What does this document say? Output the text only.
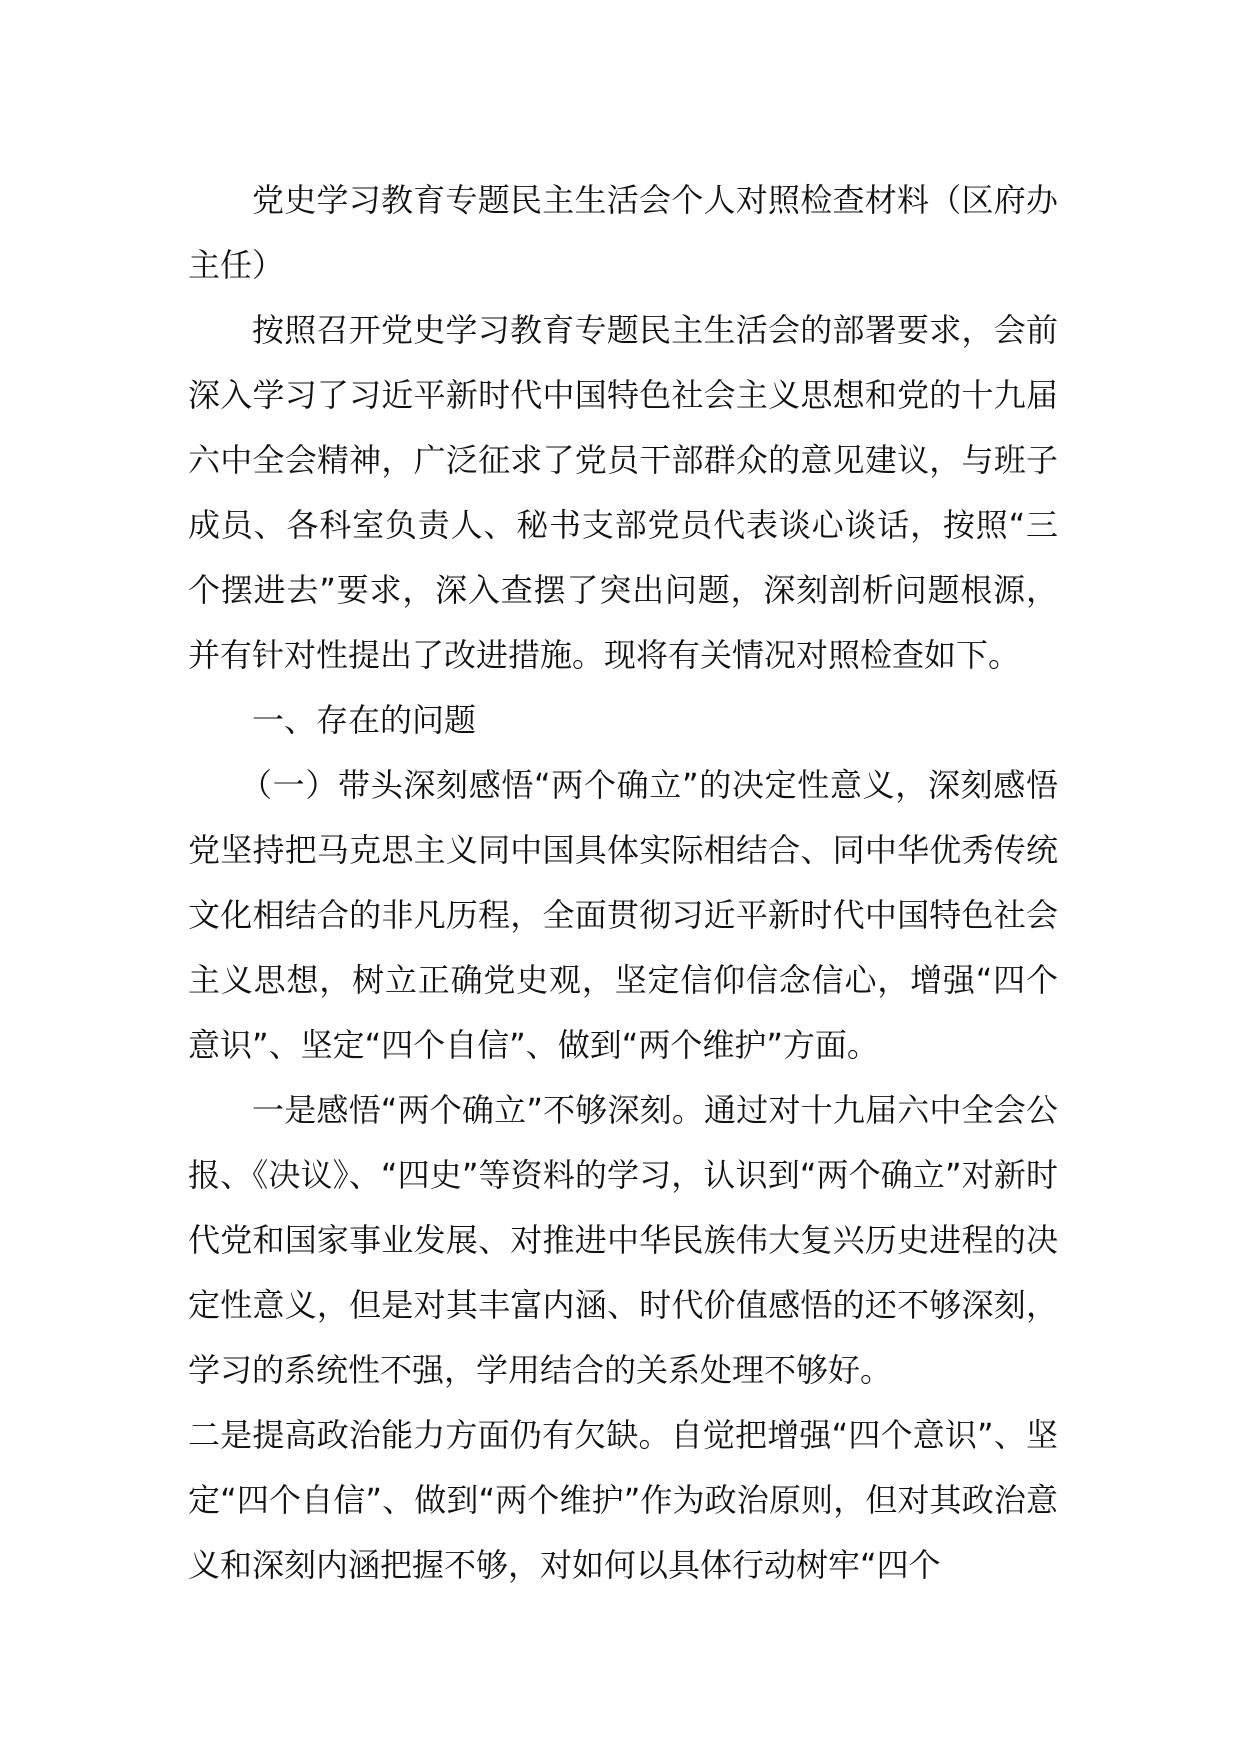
党史学习教育专题民主生活会个人对照检查材料（区府办主任）

按照召开党史学习教育专题民主生活会的部署要求，会前深入学习了习近平新时代中国特色社会主义思想和党的十九届六中全会精神，广泛征求了党员干部群众的意见建议，与班子成员、各科室负责人、秘书支部党员代表谈心谈话，按照“三个摆进去”要求，深入查摆了突出问题，深刻剖析问题根源，并有针对性提出了改进措施。现将有关情况对照检查如下。

一、存在的问题

（一）带头深刻感悟“两个确立”的决定性意义，深刻感悟党坚持把马克思主义同中国具体实际相结合、同中华优秀传统文化相结合的非凡历程，全面贯彻习近平新时代中国特色社会主义思想，树立正确党史观，坚定信仰信念信心，增强“四个意识”、坚定“四个自信”、做到“两个维护”方面。

一是感悟“两个确立”不够深刻。通过对十九届六中全会公报、《决议》、“四史”等资料的学习，认识到“两个确立”对新时代党和国家事业发展、对推进中华民族伟大复兴历史进程的决定性意义，但是对其丰富内涵、时代价值感悟的还不够深刻，学习的系统性不强，学用结合的关系处理不够好。

二是提高政治能力方面仍有欠缺。自觉把增强“四个意识”、坚定“四个自信”、做到“两个维护”作为政治原则，但对其政治意义和深刻内涵把握不够，对如何以具体行动树牢“四个
